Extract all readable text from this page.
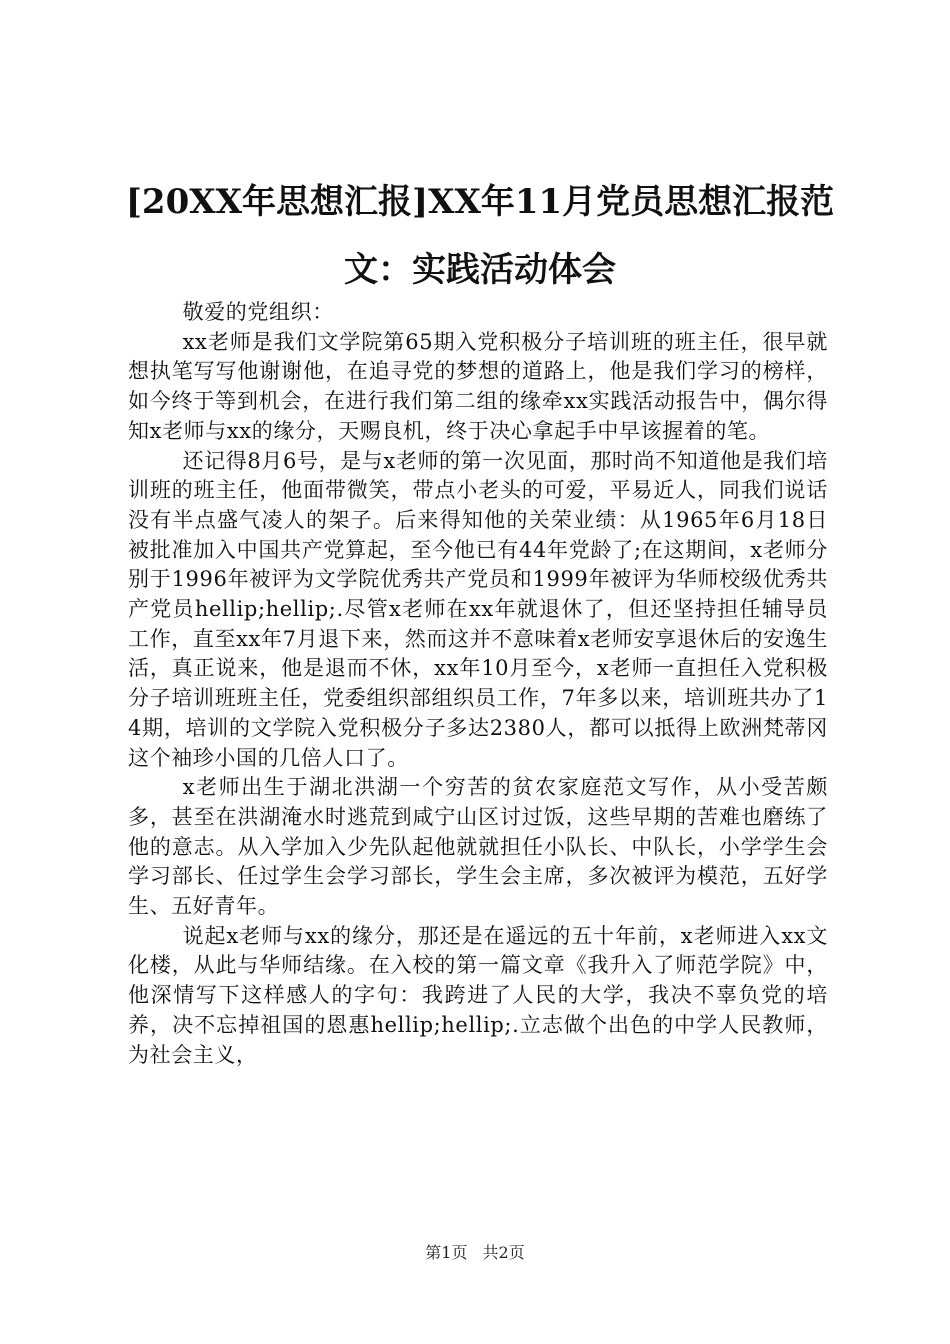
[20XX年思想汇报]XX年11月党员思想汇报范文：实践活动体会

敬爱的党组织：

xx老师是我们文学院第65期入党积极分子培训班的班主任，很早就想执笔写写他谢谢他，在追寻党的梦想的道路上，他是我们学习的榜样，如今终于等到机会，在进行我们第二组的缘牵xx实践活动报告中，偶尔得知x老师与xx的缘分，天赐良机，终于决心拿起手中早该握着的笔。

还记得8月6号，是与x老师的第一次见面，那时尚不知道他是我们培训班的班主任，他面带微笑，带点小老头的可爱，平易近人，同我们说话没有半点盛气凌人的架子。后来得知他的关荣业绩：从1965年6月18日被批准加入中国共产党算起，至今他已有44年党龄了;在这期间，x老师分别于1996年被评为文学院优秀共产党员和1999年被评为华师校级优秀共产党员hellip;hellip;.尽管x老师在xx年就退休了，但还坚持担任辅导员工作，直至xx年7月退下来，然而这并不意味着x老师安享退休后的安逸生活，真正说来，他是退而不休，xx年10月至今，x老师一直担任入党积极分子培训班班主任，党委组织部组织员工作，7年多以来，培训班共办了14期，培训的文学院入党积极分子多达2380人，都可以抵得上欧洲梵蒂冈这个袖珍小国的几倍人口了。

x老师出生于湖北洪湖一个穷苦的贫农家庭范文写作，从小受苦颇多，甚至在洪湖淹水时逃荒到咸宁山区讨过饭，这些早期的苦难也磨练了他的意志。从入学加入少先队起他就就担任小队长、中队长，小学学生会学习部长、任过学生会学习部长，学生会主席，多次被评为模范，五好学生、五好青年。

说起x老师与xx的缘分，那还是在遥远的五十年前，x老师进入xx文化楼，从此与华师结缘。在入校的第一篇文章《我升入了师范学院》中，他深情写下这样感人的字句：我跨进了人民的大学，我决不辜负党的培养，决不忘掉祖国的恩惠hellip;hellip;.立志做个出色的中学人民教师，为社会主义，

第1页 共2页
